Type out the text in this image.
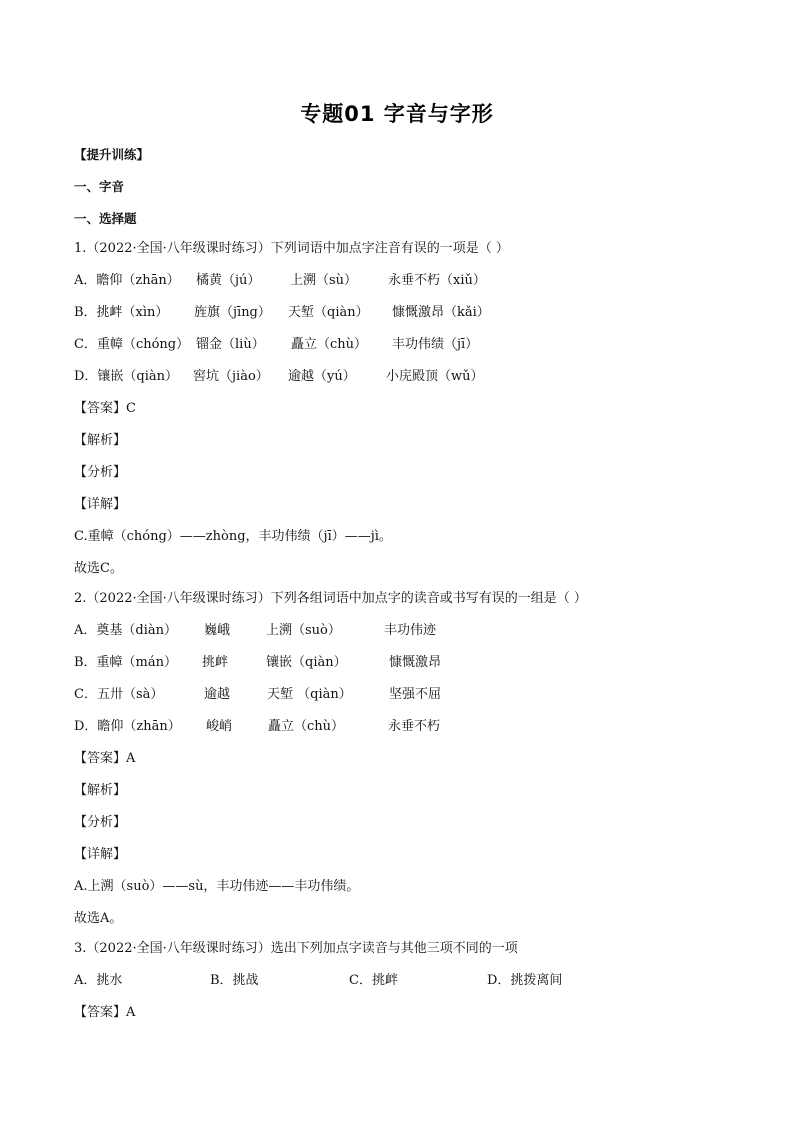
专题01 字音与字形
【提升训练】
一、字音
一、选择题
1.（2022·全国·八年级课时练习）下列词语中加点字注音有误的一项是（ ）
A．瞻仰（zhān） 橘黄（jú） 上溯（sù） 永垂不朽（xiǔ）
B．挑衅（xìn） 旌旗（jīng） 天堑（qiàn） 慷慨激昂（kǎi）
C．重幛（chóng） 镏金（liù） 矗立（chù） 丰功伟绩（jī）
D．镶嵌（qiàn） 窖坑（jiào） 逾越（yú） 小庑殿顶（wǔ）
【答案】C
【解析】
【分析】
【详解】
C.重幛（chóng）——zhòng，丰功伟绩（jī）——jì。
故选C。
2.（2022·全国·八年级课时练习）下列各组词语中加点字的读音或书写有误的一组是（ ）
A．奠基（diàn） 巍峨	上溯（suò）	丰功伟迹
B．重幛（mán） 挑衅	镶嵌（qiàn）	慷慨激昂
C．五卅（sà）	逾越	天堑 （qiàn）	坚强不屈
D．瞻仰（zhān） 峻峭	矗立（chù）	永垂不朽
【答案】A
【解析】
【分析】
【详解】
A.上溯（suò）——sù，丰功伟迹——丰功伟绩。
故选A。
3.（2022·全国·八年级课时练习）选出下列加点字读音与其他三项不同的一项
A．挑水	B．挑战	C．挑衅	D．挑拨离间
【答案】A
